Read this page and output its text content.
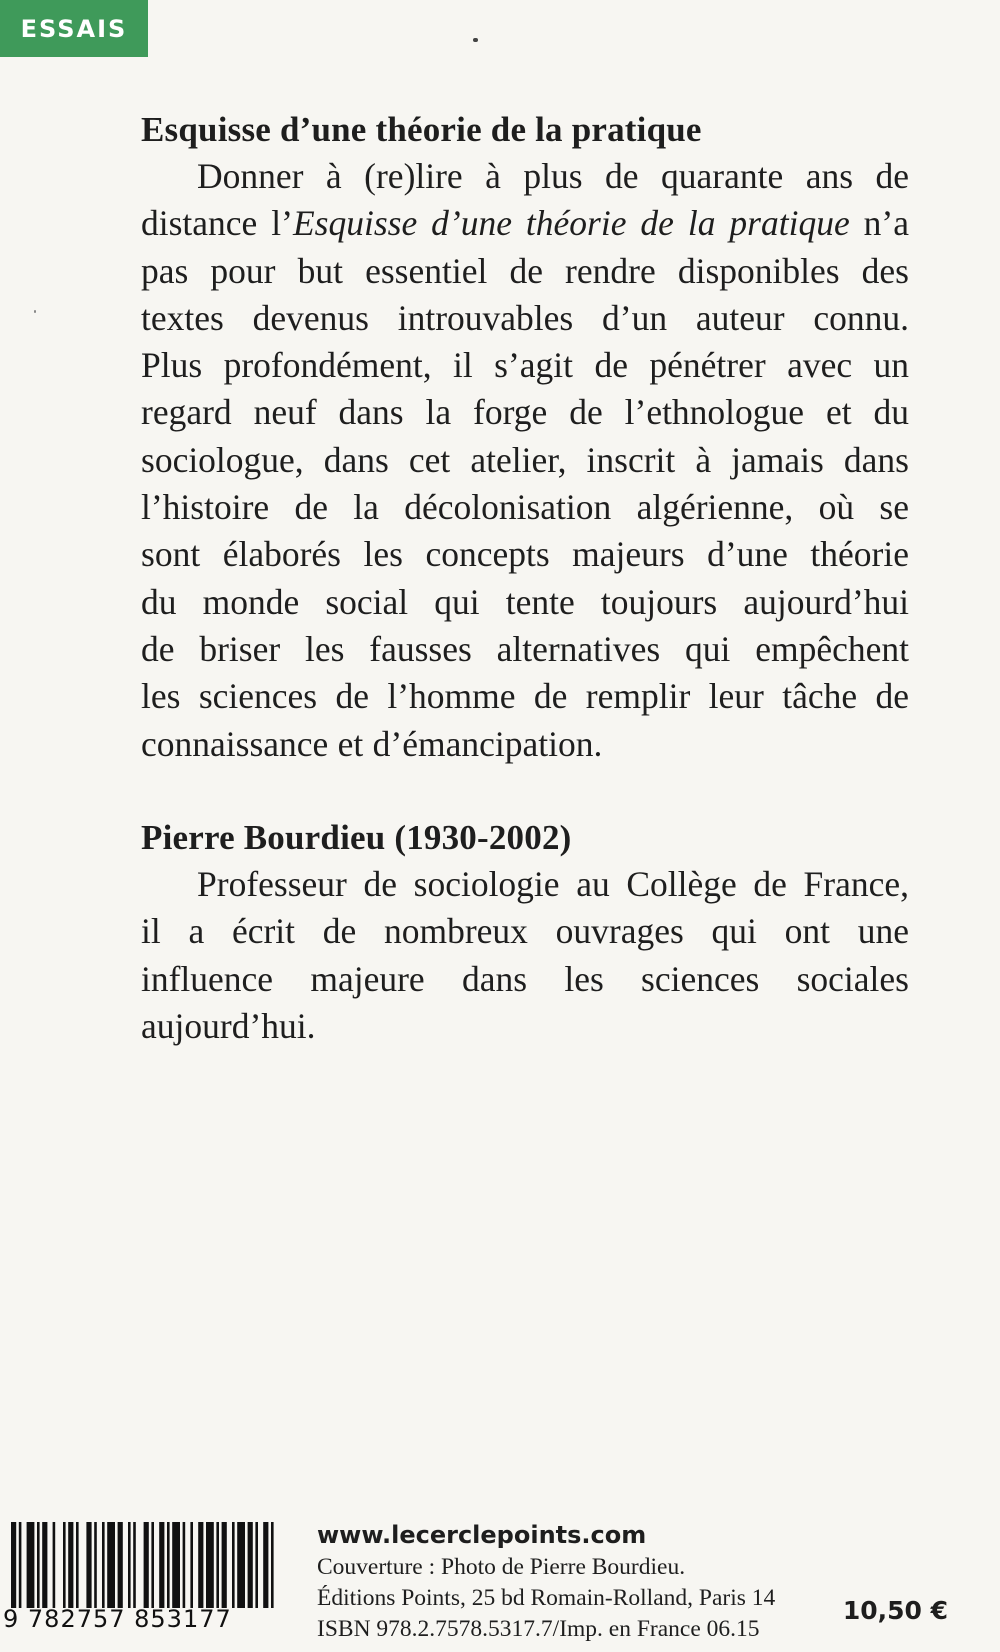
ESSAIS
Esquisse d’une théorie de la pratique
Donner à (re)lire à plus de quarante ans de
distance l’Esquisse d’une théorie de la pratique n’a
pas pour but essentiel de rendre disponibles des
textes devenus introuvables d’un auteur connu.
Plus profondément, il s’agit de pénétrer avec un
regard neuf dans la forge de l’ethnologue et du
sociologue, dans cet atelier, inscrit à jamais dans
l’histoire de la décolonisation algérienne, où se
sont élaborés les concepts majeurs d’une théorie
du monde social qui tente toujours aujourd’hui
de briser les fausses alternatives qui empêchent
les sciences de l’homme de remplir leur tâche de
connaissance et d’émancipation.
Pierre Bourdieu (1930-2002)
Professeur de sociologie au Collège de France,
il a écrit de nombreux ouvrages qui ont une
influence majeure dans les sciences sociales
aujourd’hui.
9 782757 853177
www.lecerclepoints.com
Couverture : Photo de Pierre Bourdieu.
Éditions Points, 25 bd Romain-Rolland, Paris 14
ISBN 978.2.7578.5317.7/Imp. en France 06.15
10,50 €
